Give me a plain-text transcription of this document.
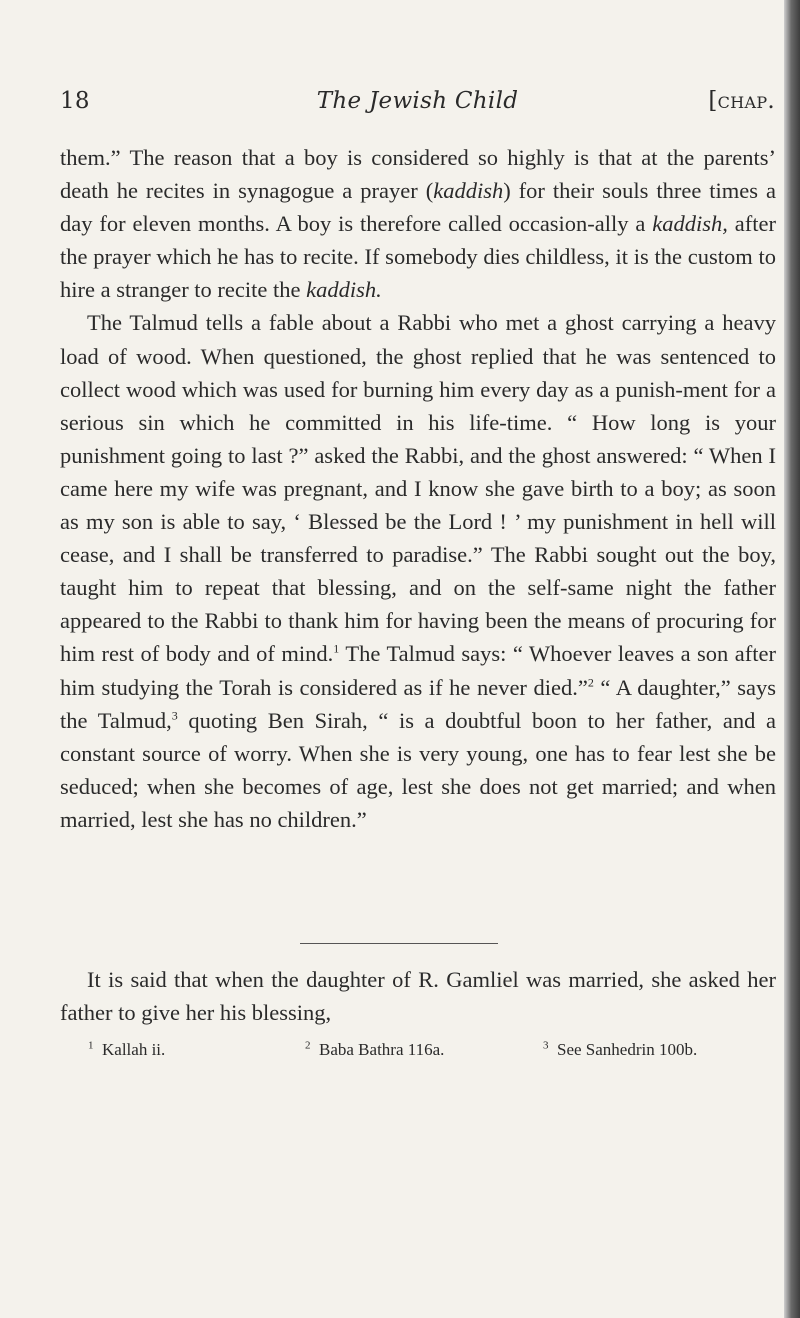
18	The Jewish Child	[chap.

them.” The reason that a boy is considered so highly is that at the parents’ death he recites in synagogue a prayer (kaddish) for their souls three times a day for eleven months. A boy is therefore called occasion-ally a kaddish, after the prayer which he has to recite. If somebody dies childless, it is the custom to hire a stranger to recite the kaddish.

The Talmud tells a fable about a Rabbi who met a ghost carrying a heavy load of wood. When questioned, the ghost replied that he was sentenced to collect wood which was used for burning him every day as a punish-ment for a serious sin which he committed in his life-time. “ How long is your punishment going to last ?” asked the Rabbi, and the ghost answered: “ When I came here my wife was pregnant, and I know she gave birth to a boy; as soon as my son is able to say, ‘ Blessed be the Lord ! ’ my punishment in hell will cease, and I shall be transferred to paradise.” The Rabbi sought out the boy, taught him to repeat that blessing, and on the self-same night the father appeared to the Rabbi to thank him for having been the means of procuring for him rest of body and of mind.$^1$ The Talmud says: “ Whoever leaves a son after him studying the Torah is considered as if he never died.”$^2$ “ A daughter,” says the Talmud,$^3$ quoting Ben Sirah, “ is a doubtful boon to her father, and a constant source of worry. When she is very young, one has to fear lest she be seduced; when she becomes of age, lest she does not get married; and when married, lest she has no children.”

It is said that when the daughter of R. Gamliel was married, she asked her father to give her his blessing,

$^1$ Kallah ii.	$^2$ Baba Bathra 116a.	$^3$ See Sanhedrin 100b.
